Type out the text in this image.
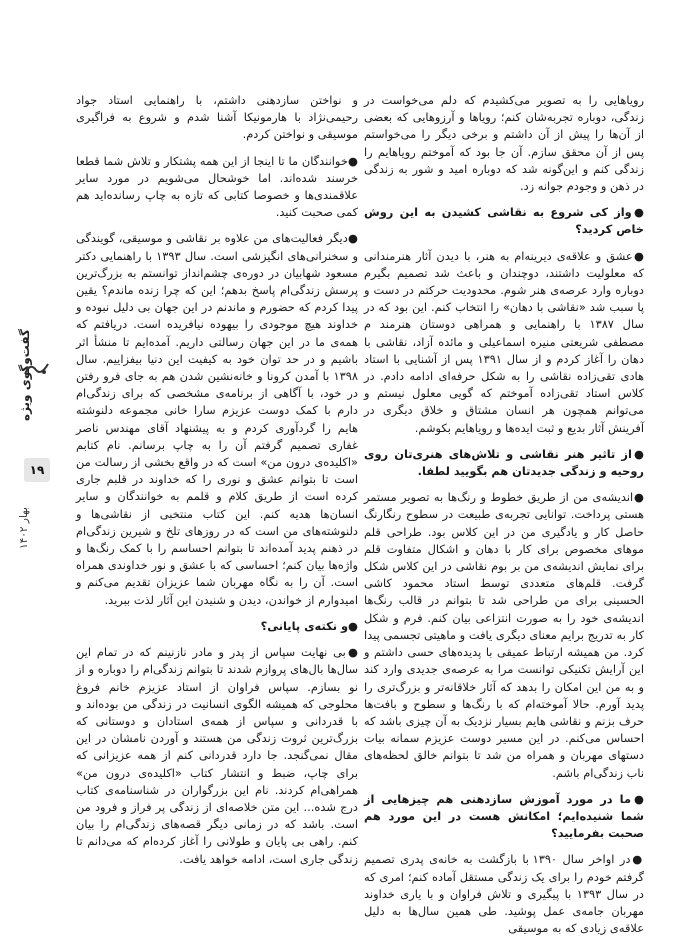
گفت‌وگوی ویژه
۱۹
بهار ۱۴۰۲

رویاهایی را به تصویر می‌کشیدم که دلم می‌خواست در زندگی، دوباره تجربه‌شان کنم؛ رویاها و آرزوهایی که بعضی از آن‌ها را پیش از آن داشتم و برخی دیگر را می‌خواستم پس از آن محقق سازم. آن جا بود که آموختم رویاهایم را زندگی کنم و این‌گونه شد که دوباره امید و شور به زندگی در ذهن و وجودم جوانه زد.

●واز کی شروع به نقاشی کشیدن به این روش خاص کردید؟

●عشق و علاقه‌ی دیرینه‌ام به هنر، با دیدن آثار هنرمندانی که معلولیت داشتند، دوچندان و باعث شد تصمیم بگیرم دوباره وارد عرصه‌ی هنر شوم. محدودیت حرکتم در دست و پا سبب شد «نقاشی با دهان» را انتخاب کنم. این بود که در سال ۱۳۸۷ با راهنمایی و همراهی دوستان هنرمند م مصطفی شریعتی منیره اسماعیلی و مائده آزاد، نقاشی با دهان را آغاز کردم و از سال ۱۳۹۱ پس از آشنایی با استاد هادی تقی‌زاده نقاشی را به شکل حرفه‌ای ادامه دادم. در کلاس استاد تقی‌زاده آموختم که گویی معلول نیستم و می‌توانم همچون هر انسان مشتاق و خلاق دیگری در آفرینش آثار بدیع و ثبت ایده‌ها و رویاهایم بکوشم.

●از تاثیر هنر نقاشی و تلاش‌های هنری‌تان روی روحیه و زندگی جدیدتان هم بگویید لطفا.

●اندیشه‌ی من از طریق خطوط و رنگ‌ها به تصویر مستمر هستی پرداخت. توانایی تجربه‌ی طبیعت در سطوح رنگارنگ حاصل کار و یادگیری من در این کلاس بود. طراحی قلم موهای مخصوص برای کار با دهان و اشکال متفاوت قلم برای نمایش اندیشه‌ی من بر بوم نقاشی در این کلاس شکل گرفت. قلم‌های متعددی توسط استاد محمود کاشی الحسینی برای من طراحی شد تا بتوانم در قالب رنگ‌ها اندیشه‌ی خود را به صورت انتزاعی بیان کنم. فرم و شکل کار به تدریج برایم معنای دیگری یافت و ماهیتی تجسمی پیدا کرد. من همیشه ارتباط عمیقی با پدیده‌های حسی داشتم و این آرایش تکنیکی توانست مرا به عرصه‌ی جدیدی وارد کند و به من این امکان را بدهد که آثار خلاقانه‌تر و بزرگ‌تری را پدید آورم. حالا آموخته‌ام که با رنگ‌ها و سطوح و بافت‌ها حرف بزنم و نقاشی هایم بسیار نزدیک به آن چیزی باشد که احساس می‌کنم. در این مسیر دوست عزیزم سمانه بیات دستهای مهربان و همراه من شد تا بتوانم خالق لحظه‌های ناب زندگی‌ام باشم.

●ما در مورد آموزش سازدهنی هم چیزهایی از شما شنیده‌ایم؛ امکانش هست در این مورد هم صحبت بفرمایید؟

●در اواخر سال ۱۳۹۰ با بازگشت به خانه‌ی پدری تصمیم گرفتم خودم را برای یک زندگی مستقل آماده کنم؛ امری که در سال ۱۳۹۳ با پیگیری و تلاش فراوان و با یاری خداوند مهربان جامه‌ی عمل پوشید. طی همین سال‌ها به دلیل علاقه‌ی زیادی که به موسیقی

و نواختن سازدهنی داشتم، با راهنمایی استاد جواد رحیمی‌نژاد با هارمونیکا آشنا شدم و شروع به فراگیری موسیقی و نواختن کردم.

●خوانندگان ما تا اینجا از این همه پشتکار و تلاش شما قطعا خرسند شده‌اند. اما خوشحال می‌شویم در مورد سایر علاقمندی‌ها و خصوصا کتابی که تازه به چاپ رسانده‌اید هم کمی صحبت کنید.

●دیگر فعالیت‌های من علاوه بر نقاشی و موسیقی، گویندگی و سخنرانی‌های انگیزشی است. سال ۱۳۹۳ با راهنمایی دکتر مسعود شهابیان در دوره‌ی چشم‌انداز توانستم به بزرگ‌ترین پرسش زندگی‌ام پاسخ بدهم؛ این که چرا زنده ماندم؟ یقین پیدا کردم که حضورم و ماندنم در این جهان بی دلیل نبوده و خداوند هیچ موجودی را بیهوده نیافریده است. دریافتم که همه‌ی ما در این جهان رسالتی داریم. آمده‌ایم تا منشأ اثر باشیم و در حد توان خود به کیفیت این دنیا بیفزاییم. سال ۱۳۹۸ با آمدن کرونا و خانه‌نشین شدن هم به جای فرو رفتن در خود، با آگاهی از برنامه‌ی مشخصی که برای زندگی‌ام دارم با کمک دوست عزیزم سارا خانی مجموعه دلنوشته هایم را گردآوری کردم و به پیشنهاد آقای مهندس ناصر غفاری تصمیم گرفتم آن را به چاپ برسانم. نام کتابم «اکلیده‌ی درون من» است که در واقع بخشی از رسالت من است تا بتوانم عشق و نوری را که خداوند در قلبم جاری کرده است از طریق کلام و قلمم به خوانندگان و سایر انسان‌ها هدیه کنم. این کتاب منتخبی از نقاشی‌ها و دلنوشته‌های من است که در روزهای تلخ و شیرین زندگی‌ام در ذهنم پدید آمده‌اند تا بتوانم احساسم را با کمک رنگ‌ها و واژه‌ها بیان کنم؛ احساسی که با عشق و نور خداوندی همراه است. آن را به نگاه مهربان شما عزیزان تقدیم می‌کنم و امیدوارم از خواندن، دیدن و شنیدن این آثار لذت ببرید.

●و نکته‌ی پایانی؟

●بی نهایت سپاس از پدر و مادر نازنینم که در تمام این سال‌ها بال‌های پروازم شدند تا بتوانم زندگی‌ام را دوباره و از نو بسازم. سپاس فراوان از استاد عزیزم خانم فروغ محلوجی که همیشه الگوی انسانیت در زندگی من بوده‌اند و با قدردانی و سپاس از همه‌ی استادان و دوستانی که بزرگ‌ترین ثروت زندگی من هستند و آوردن نامشان در این مقال نمی‌گنجد. جا دارد قدردانی کنم از همه عزیزانی که برای چاپ، ضبط و انتشار کتاب «اکلیده‌ی درون من» همراهی‌ام کردند. نام این بزرگواران در شناسنامه‌ی کتاب درج شده... این متن خلاصه‌ای از زندگی پر فراز و فرود من است. باشد که در زمانی دیگر قصه‌های زندگی‌ام را بیان کنم. راهی بی پایان و طولانی را آغاز کرده‌ام که می‌دانم تا زندگی جاری است، ادامه خواهد یافت.
